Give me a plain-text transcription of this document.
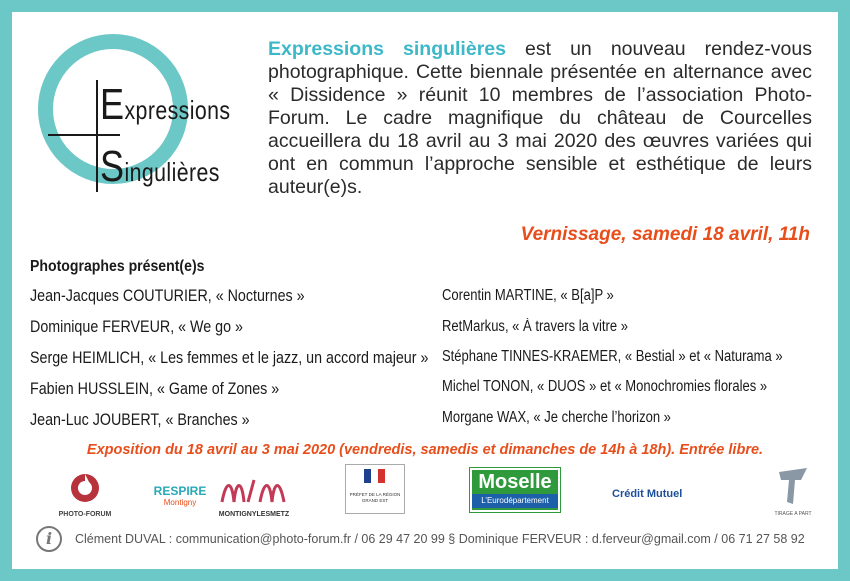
Expressions
Singulières
Expressions singulières est un nouveau rendez-vous photographique. Cette biennale présentée en alternance avec « Dissidence » réunit 10 membres de l’association Photo-Forum. Le cadre magnifique du château de Courcelles accueillera du 18 avril au 3 mai 2020 des œuvres variées qui ont en commun l’approche sensible et esthétique de leurs auteur(e)s.
Vernissage, samedi 18 avril, 11h
Photographes présent(e)s
Jean-Jacques COUTURIER, « Nocturnes »
Dominique FERVEUR, « We go »
Serge HEIMLICH, « Les femmes et le jazz, un accord majeur »
Fabien HUSSLEIN, « Game of Zones »
Jean-Luc JOUBERT, « Branches »
Corentin MARTINE, « B[a]P »
RetMarkus, « À travers la vitre »
Stéphane TINNES-KRAEMER, « Bestial » et « Naturama »
Michel TONON, « DUOS » et « Monochromies florales »
Morgane WAX, « Je cherche l’horizon »
Exposition du 18 avril au 3 mai 2020 (vendredis, samedis et dimanches de 14h à 18h). Entrée libre.
PHOTO-FORUM
RESPIRE
Montigny
MONTIGNYLESMETZ
PRÉFET DE LA RÉGION GRAND EST
Moselle
L’Eurodépartement
Crédit Mutuel
TIRAGE A PART
i	Clément DUVAL : communication@photo-forum.fr / 06 29 47 20 99 § Dominique FERVEUR : d.ferveur@gmail.com / 06 71 27 58 92
